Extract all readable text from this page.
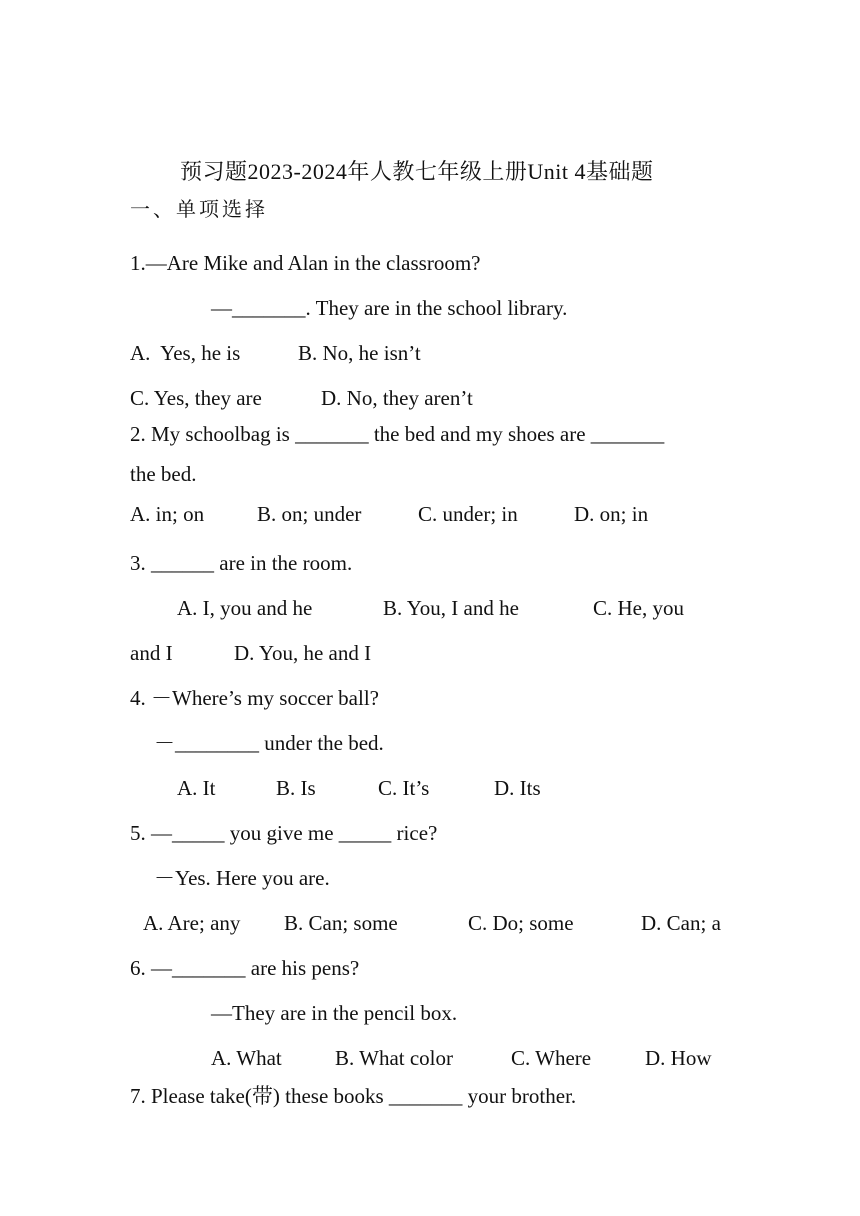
预习题2023-2024年人教七年级上册Unit 4基础题
一、单项选择
1.—Are Mike and Alan in the classroom?
—_______. They are in the school library.
A.  Yes, he is	B. No, he isn’t
C. Yes, they are	D. No, they aren’t
2. My schoolbag is _______ the bed and my shoes are _______
the bed.
A. in; on	B. on; under	C. under; in	D. on; in
3. ______ are in the room.
A. I, you and he	B. You, I and he	C. He, you
and I	D. You, he and I
4. －Where’s my soccer ball?
－________ under the bed.
A. It	B. Is	C. It’s	D. Its
5. —_____ you give me _____ rice?
－Yes. Here you are.
A. Are; any B. Can; some	C. Do; some	D. Can; a
6. —_______ are his pens?
—They are in the pencil box.
A. What	B. What color	C. Where	D. How
7. Please take(带) these books _______ your brother.
